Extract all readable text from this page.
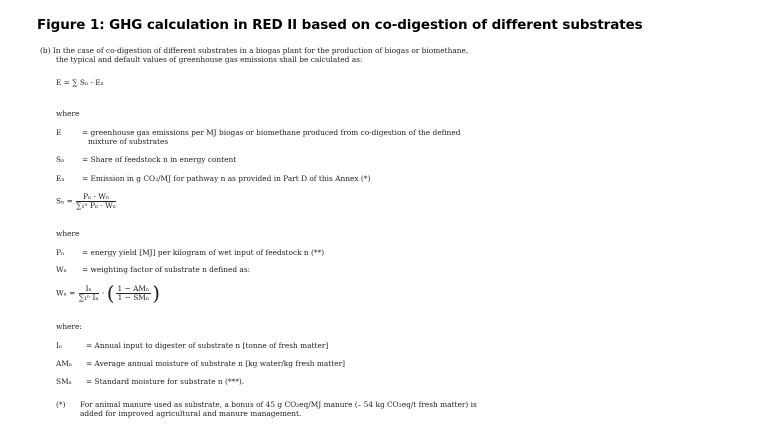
Figure 1: GHG calculation in RED II based on co-digestion of different substrates
(b) In the case of co-digestion of different substrates in a biogas plant for the production of biogas or biomethane,
the typical and default values of greenhouse gas emissions shall be calculated as:
E = ∑ Sₙ · Eₙ
where
E	= greenhouse gas emissions per MJ biogas or biomethane produced from co-digestion of the defined
mixture of substrates
Sₙ = Share of feedstock n in energy content
Eₙ = Emission in g CO₂/MJ for pathway n as provided in Part D of this Annex (*)
$S_n = \frac{\text{Pₙ · Wₙ}}{\text{∑₁ⁿ Pₙ · Wₙ}}$
where
Pₙ = energy yield [MJ] per kilogram of wet input of feedstock n (**)
Wₙ = weighting factor of substrate n defined as:
$W_n = \frac{\text{Iₙ}}{\text{∑₁ⁿ Iₙ}}$ · ( $\frac{\text{1 − AMₙ}}{\text{1 − SMₙ}}$ )
where:
Iₙ	= Annual input to digester of substrate n [tonne of fresh matter]
AMₙ = Average annual moisture of substrate n [kg water/kg fresh matter]
SMₙ = Standard moisture for substrate n (***).
(*) For animal manure used as substrate, a bonus of 45 g CO₂eq/MJ manure (– 54 kg CO₂eq/t fresh matter) is
added for improved agricultural and manure management.
